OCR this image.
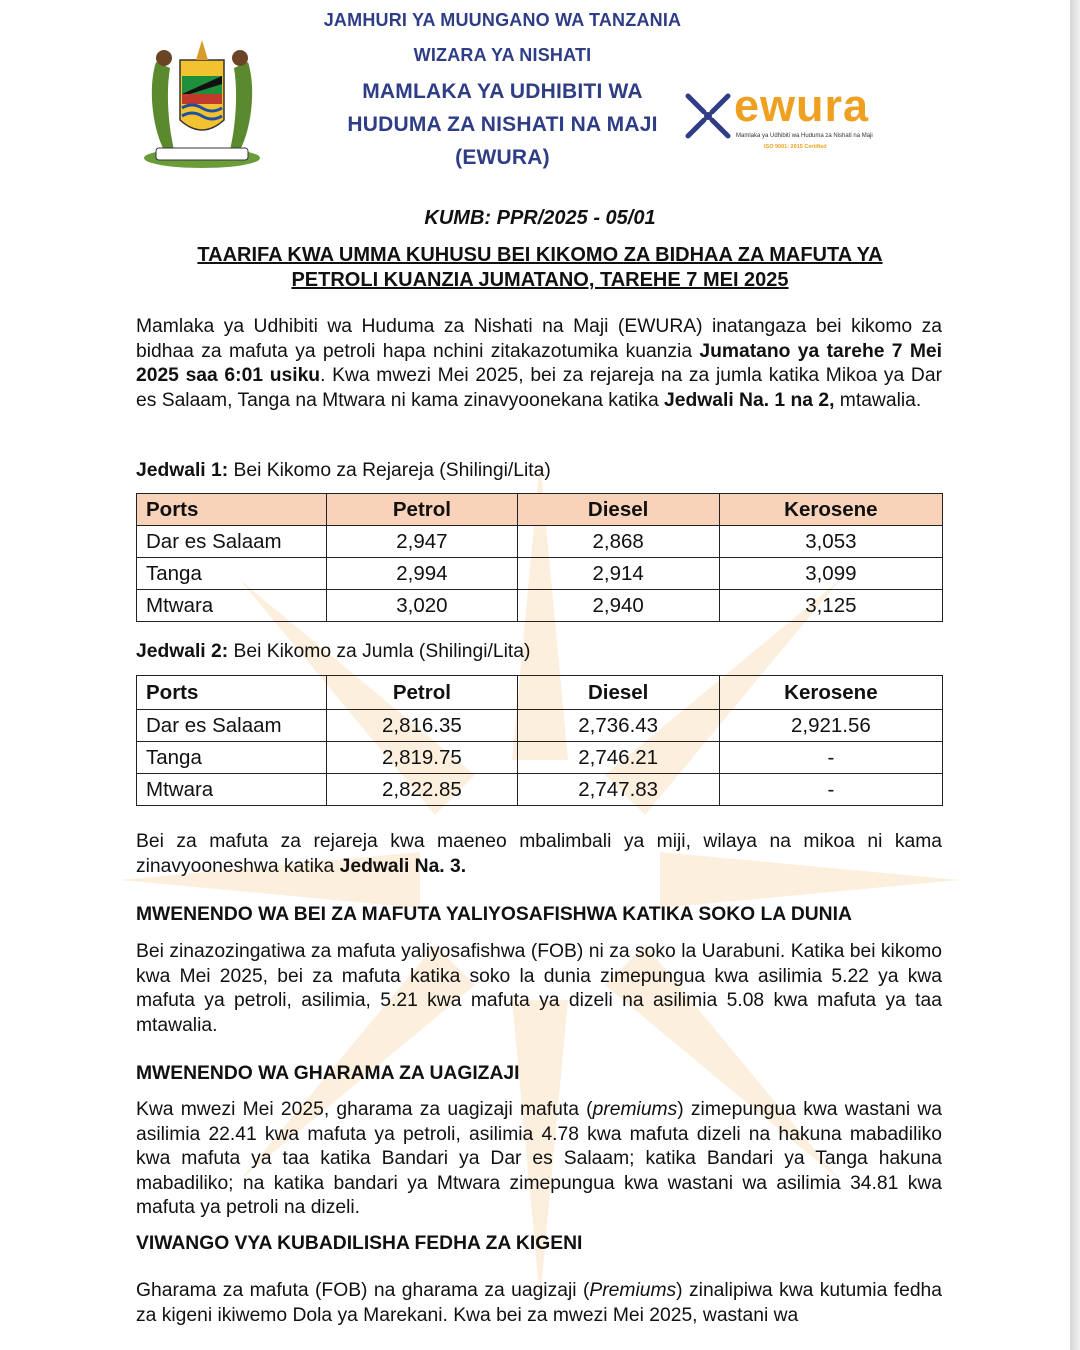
JAMHURI YA MUUNGANO WA TANZANIA
WIZARA YA NISHATI
MAMLAKA YA UDHIBITI WA
HUDUMA ZA NISHATI NA MAJI
(EWURA)
ewura
Mamlaka ya Udhibiti wa Huduma za Nishati na Maji
ISO 9001: 2015 Certified
KUMB: PPR/2025 - 05/01
TAARIFA KWA UMMA KUHUSU BEI KIKOMO ZA BIDHAA ZA MAFUTA YA
PETROLI KUANZIA JUMATANO, TAREHE 7 MEI 2025
Mamlaka ya Udhibiti wa Huduma za Nishati na Maji (EWURA) inatangaza bei kikomo za bidhaa za mafuta ya petroli hapa nchini zitakazotumika kuanzia Jumatano ya tarehe 7 Mei 2025 saa 6:01 usiku. Kwa mwezi Mei 2025, bei za rejareja na za jumla katika Mikoa ya Dar es Salaam, Tanga na Mtwara ni kama zinavyoonekana katika Jedwali Na. 1 na 2, mtawalia.
Jedwali 1: Bei Kikomo za Rejareja (Shilingi/Lita)
Ports	Petrol	Diesel	Kerosene
Dar es Salaam	2,947	2,868	3,053
Tanga	2,994	2,914	3,099
Mtwara	3,020	2,940	3,125
Jedwali 2: Bei Kikomo za Jumla (Shilingi/Lita)
Ports	Petrol	Diesel	Kerosene
Dar es Salaam	2,816.35	2,736.43	2,921.56
Tanga	2,819.75	2,746.21	-
Mtwara	2,822.85	2,747.83	-
Bei za mafuta za rejareja kwa maeneo mbalimbali ya miji, wilaya na mikoa ni kama zinavyooneshwa katika Jedwali Na. 3.
MWENENDO WA BEI ZA MAFUTA YALIYOSAFISHWA KATIKA SOKO LA DUNIA
Bei zinazozingatiwa za mafuta yaliyosafishwa (FOB) ni za soko la Uarabuni. Katika bei kikomo kwa Mei 2025, bei za mafuta katika soko la dunia zimepungua kwa asilimia 5.22 ya kwa mafuta ya petroli, asilimia, 5.21 kwa mafuta ya dizeli na asilimia 5.08 kwa mafuta ya taa mtawalia.
MWENENDO WA GHARAMA ZA UAGIZAJI
Kwa mwezi Mei 2025, gharama za uagizaji mafuta (premiums) zimepungua kwa wastani wa asilimia 22.41 kwa mafuta ya petroli, asilimia 4.78 kwa mafuta dizeli na hakuna mabadiliko kwa mafuta ya taa katika Bandari ya Dar es Salaam; katika Bandari ya Tanga hakuna mabadiliko; na katika bandari ya Mtwara zimepungua kwa wastani wa asilimia 34.81 kwa mafuta ya petroli na dizeli.
VIWANGO VYA KUBADILISHA FEDHA ZA KIGENI
Gharama za mafuta (FOB) na gharama za uagizaji (Premiums) zinalipiwa kwa kutumia fedha za kigeni ikiwemo Dola ya Marekani. Kwa bei za mwezi Mei 2025, wastani wa
